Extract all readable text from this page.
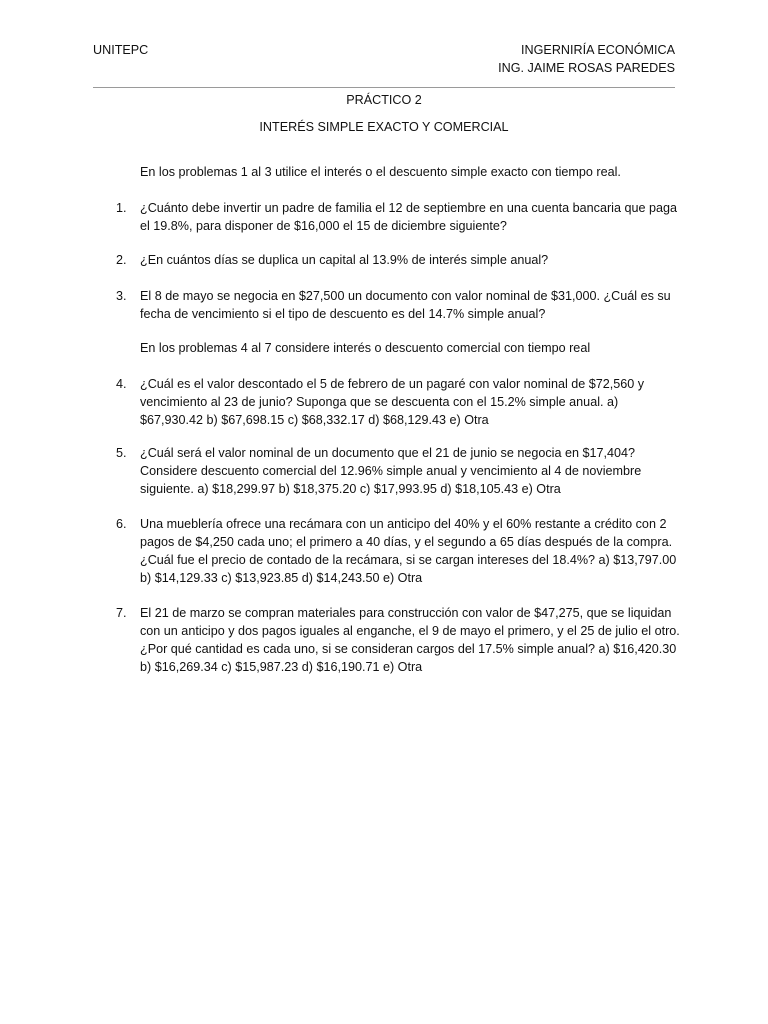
UNITEPC	INGERNIRÍA ECONÓMICA
ING. JAIME ROSAS PAREDES
PRÁCTICO 2
INTERÉS SIMPLE EXACTO Y COMERCIAL
En los problemas 1 al 3 utilice el interés o el descuento simple exacto con tiempo real.
1. ¿Cuánto debe invertir un padre de familia el 12 de septiembre en una cuenta bancaria que paga el 19.8%, para disponer de $16,000 el 15 de diciembre siguiente?
2. ¿En cuántos días se duplica un capital al 13.9% de interés simple anual?
3. El 8 de mayo se negocia en $27,500 un documento con valor nominal de $31,000. ¿Cuál es su fecha de vencimiento si el tipo de descuento es del 14.7% simple anual?
En los problemas 4 al 7 considere interés o descuento comercial con tiempo real
4. ¿Cuál es el valor descontado el 5 de febrero de un pagaré con valor nominal de $72,560 y vencimiento al 23 de junio? Suponga que se descuenta con el 15.2% simple anual. a) $67,930.42 b) $67,698.15 c) $68,332.17 d) $68,129.43 e) Otra
5. ¿Cuál será el valor nominal de un documento que el 21 de junio se negocia en $17,404? Considere descuento comercial del 12.96% simple anual y vencimiento al 4 de noviembre siguiente. a) $18,299.97 b) $18,375.20 c) $17,993.95 d) $18,105.43 e) Otra
6. Una mueblería ofrece una recámara con un anticipo del 40% y el 60% restante a crédito con 2 pagos de $4,250 cada uno; el primero a 40 días, y el segundo a 65 días después de la compra. ¿Cuál fue el precio de contado de la recámara, si se cargan intereses del 18.4%? a) $13,797.00 b) $14,129.33 c) $13,923.85 d) $14,243.50 e) Otra
7. El 21 de marzo se compran materiales para construcción con valor de $47,275, que se liquidan con un anticipo y dos pagos iguales al enganche, el 9 de mayo el primero, y el 25 de julio el otro. ¿Por qué cantidad es cada uno, si se consideran cargos del 17.5% simple anual? a) $16,420.30 b) $16,269.34 c) $15,987.23 d) $16,190.71 e) Otra
